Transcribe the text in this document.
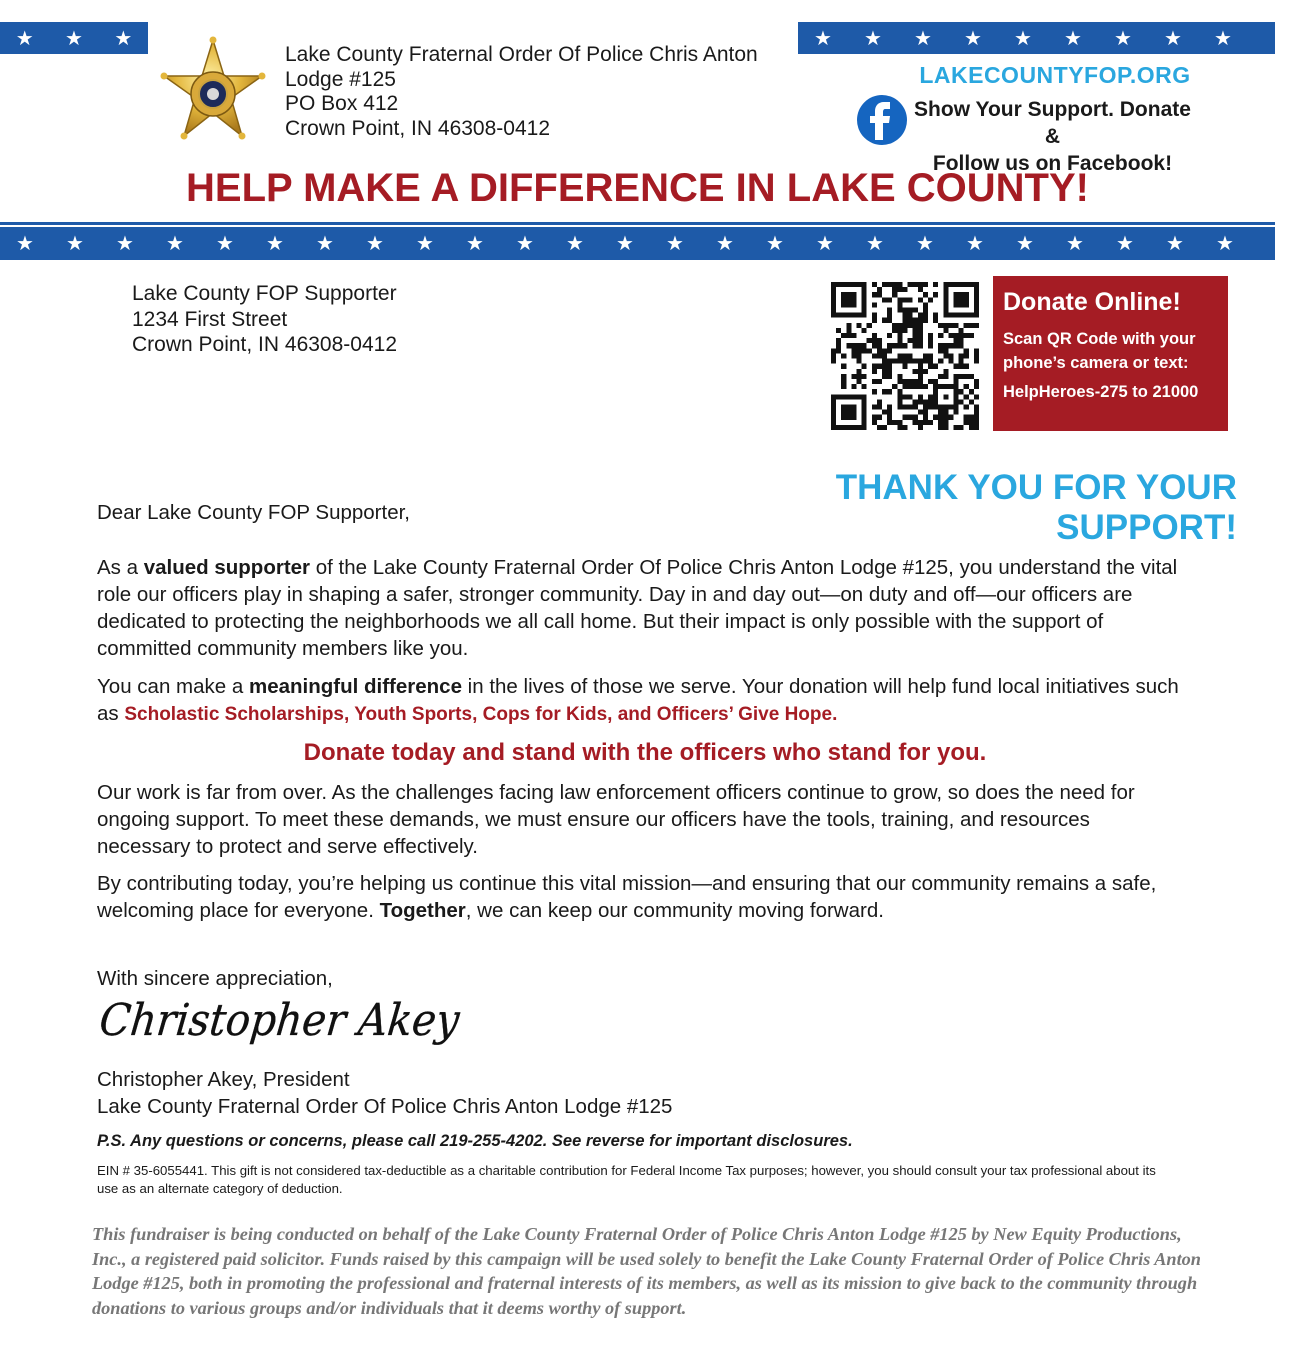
★	★	★	★	★	★	★	★	★	★	★	★
Lake County Fraternal Order Of Police Chris Anton
Lodge #125
PO Box 412
Crown Point, IN 46308-0412
LAKECOUNTYFOP.ORG
Show Your Support. Donate &
Follow us on Facebook!
HELP MAKE A DIFFERENCE IN LAKE COUNTY!
★	★	★	★	★	★	★	★	★	★	★	★	★	★	★	★	★	★	★	★	★	★	★	★	★
Lake County FOP Supporter
1234 First Street
Crown Point, IN 46308-0412
Donate Online!
Scan QR Code with your
phone’s camera or text:
HelpHeroes-275 to 21000
THANK YOU FOR YOUR SUPPORT!
Dear Lake County FOP Supporter,
As a valued supporter of the Lake County Fraternal Order Of Police Chris Anton Lodge #125, you understand the vital role our officers play in shaping a safer, stronger community. Day in and day out—on duty and off—our officers are dedicated to protecting the neighborhoods we all call home. But their impact is only possible with the support of committed community members like you.
You can make a meaningful difference in the lives of those we serve. Your donation will help fund local initiatives such as Scholastic Scholarships, Youth Sports, Cops for Kids, and Officers’ Give Hope.
Donate today and stand with the officers who stand for you.
Our work is far from over. As the challenges facing law enforcement officers continue to grow, so does the need for ongoing support. To meet these demands, we must ensure our officers have the tools, training, and resources necessary to protect and serve effectively.
By contributing today, you’re helping us continue this vital mission—and ensuring that our community remains a safe, welcoming place for everyone. Together, we can keep our community moving forward.
With sincere appreciation,
Christopher Akey
Christopher Akey, President
Lake County Fraternal Order Of Police Chris Anton Lodge #125
P.S. Any questions or concerns, please call 219-255-4202. See reverse for important disclosures.
EIN # 35-6055441. This gift is not considered tax-deductible as a charitable contribution for Federal Income Tax purposes; however, you should consult your tax professional about its use as an alternate category of deduction.
This fundraiser is being conducted on behalf of the Lake County Fraternal Order of Police Chris Anton Lodge #125 by New Equity Productions, Inc., a registered paid solicitor. Funds raised by this campaign will be used solely to benefit the Lake County Fraternal Order of Police Chris Anton Lodge #125, both in promoting the professional and fraternal interests of its members, as well as its mission to give back to the community through donations to various groups and/or individuals that it deems worthy of support.
